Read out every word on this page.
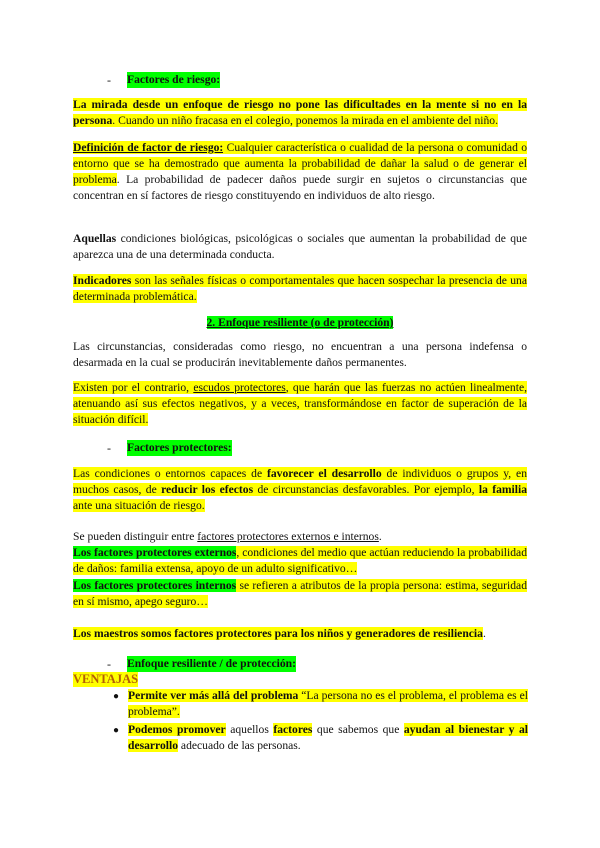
- Factores de riesgo:
La mirada desde un enfoque de riesgo no pone las dificultades en la mente si no en la persona. Cuando un niño fracasa en el colegio, ponemos la mirada en el ambiente del niño.
Definición de factor de riesgo: Cualquier característica o cualidad de la persona o comunidad o entorno que se ha demostrado que aumenta la probabilidad de dañar la salud o de generar el problema. La probabilidad de padecer daños puede surgir en sujetos o circunstancias que concentran en sí factores de riesgo constituyendo en individuos de alto riesgo.
Aquellas condiciones biológicas, psicológicas o sociales que aumentan la probabilidad de que aparezca una de una determinada conducta.
Indicadores son las señales físicas o comportamentales que hacen sospechar la presencia de una determinada problemática.
2. Enfoque resiliente (o de protección)
Las circunstancias, consideradas como riesgo, no encuentran a una persona indefensa o desarmada en la cual se producirán inevitablemente daños permanentes.
Existen por el contrario, escudos protectores, que harán que las fuerzas no actúen linealmente, atenuando así sus efectos negativos, y a veces, transformándose en factor de superación de la situación difícil.
- Factores protectores:
Las condiciones o entornos capaces de favorecer el desarrollo de individuos o grupos y, en muchos casos, de reducir los efectos de circunstancias desfavorables. Por ejemplo, la familia ante una situación de riesgo.
Se pueden distinguir entre factores protectores externos e internos.
Los factores protectores externos, condiciones del medio que actúan reduciendo la probabilidad de daños: familia extensa, apoyo de un adulto significativo…
Los factores protectores internos se refieren a atributos de la propia persona: estima, seguridad en sí mismo, apego seguro…
Los maestros somos factores protectores para los niños y generadores de resiliencia.
- Enfoque resiliente / de protección:
VENTAJAS
● Permite ver más allá del problema “La persona no es el problema, el problema es el problema”.
● Podemos promover aquellos factores que sabemos que ayudan al bienestar y al desarrollo adecuado de las personas.
